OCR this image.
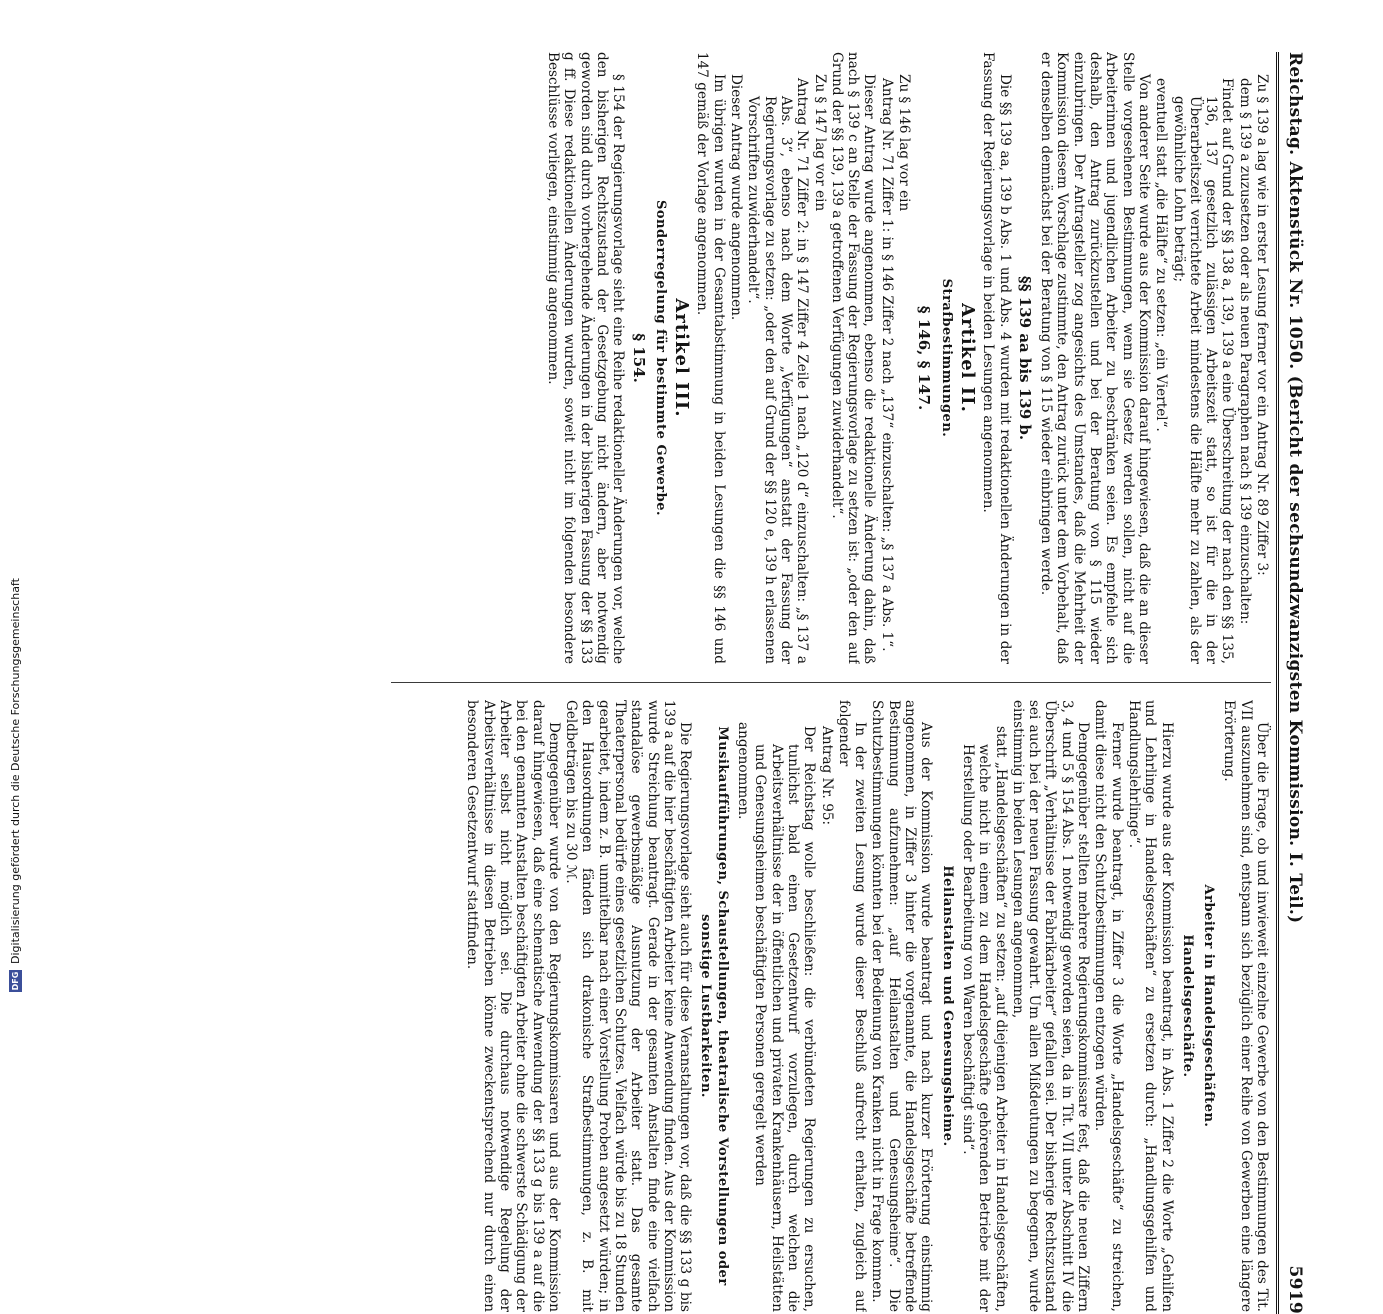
Reichstag. Aktenstück Nr. 1050. (Bericht der sechsundzwanzigsten Kommission. I. Teil.)
5919

Zu § 139 a lag wie in erster Lesung ferner vor ein Antrag Nr. 89 Ziffer 3:

dem § 139 a zuzusetzen oder als neuen Paragraphen nach § 139 einzuschalten:

Findet auf Grund der §§ 138 a, 139, 139 a eine Überschreitung der nach den §§ 135, 136, 137 gesetzlich zulässigen Arbeitszeit statt, so ist für die in der Überarbeitszeit verrichtete Arbeit mindestens die Hälfte mehr zu zahlen, als der gewöhnliche Lohn beträgt;

eventuell statt „die Hälfte“ zu setzen: „ein Viertel“.

Von anderer Seite wurde aus der Kommission darauf hingewiesen, daß die an dieser Stelle vorgesehenen Bestimmungen, wenn sie Gesetz werden sollen, nicht auf die Arbeiterinnen und jugendlichen Arbeiter zu beschränken seien. Es empfehle sich deshalb, den Antrag zurückzustellen und bei der Beratung von § 115 wieder einzubringen. Der Antragsteller zog angesichts des Umstandes, daß die Mehrheit der Kommission diesem Vorschlage zustimmte, den Antrag zurück unter dem Vorbehalt, daß er denselben demnächst bei der Beratung von § 115 wieder einbringen werde.

§§ 139 aa bis 139 b.

Die §§ 139 aa, 139 b Abs. 1 und Abs. 4 wurden mit redaktionellen Änderungen in der Fassung der Regierungsvorlage in beiden Lesungen angenommen.

Artikel II.

Strafbestimmungen.

§ 146, § 147.

Zu § 146 lag vor ein

Antrag Nr. 71 Ziffer 1: in § 146 Ziffer 2 nach „137“ einzuschalten: „§ 137 a Abs. 1“.

Dieser Antrag wurde angenommen, ebenso die redaktionelle Änderung dahin, daß nach § 139 c an Stelle der Fassung der Regierungsvorlage zu setzen ist: „oder den auf Grund der §§ 139, 139 a getroffenen Verfügungen zuwiderhandelt“.

Zu § 147 lag vor ein

Antrag Nr. 71 Ziffer 2: in § 147 Ziffer 4 Zeile 1 nach „120 d“ einzuschalten: „§ 137 a Abs. 3“, ebenso nach dem Worte „Verfügungen“ anstatt der Fassung der Regierungsvorlage zu setzen: „oder den auf Grund der §§ 120 e, 139 h erlassenen Vorschriften zuwiderhandelt“.

Dieser Antrag wurde angenommen.

Im übrigen wurden in der Gesamtabstimmung in beiden Lesungen die §§ 146 und 147 gemäß der Vorlage angenommen.

Artikel III.

Sonderregelung für bestimmte Gewerbe.

§ 154.

§ 154 der Regierungsvorlage sieht eine Reihe redaktioneller Änderungen vor, welche den bisherigen Rechtszustand der Gesetzgebung nicht ändern, aber notwendig geworden sind durch vorhergehende Änderungen in der bisherigen Fassung der §§ 133 g ff. Diese redaktionellen Änderungen wurden, soweit nicht im folgenden besondere Beschlüsse vorliegen, einstimmig angenommen.

Über die Frage, ob und inwieweit einzelne Gewerbe von den Bestimmungen des Tit. VII auszunehmen sind, entspann sich bezüglich einer Reihe von Gewerben eine längere Erörterung.

Arbeiter in Handelsgeschäften.

Handelsgeschäfte.

Hierzu wurde aus der Kommission beantragt, in Abs. 1 Ziffer 2 die Worte „Gehilfen und Lehrlinge in Handelsgeschäften“ zu ersetzen durch: „Handlungsgehilfen und Handlungslehrlinge“.

Ferner wurde beantragt, in Ziffer 3 die Worte „Handelsgeschäfte“ zu streichen, damit diese nicht den Schutzbestimmungen entzogen würden.

Demgegenüber stellten mehrere Regierungskommissare fest, daß die neuen Ziffern 3, 4 und 5 § 154 Abs. 1 notwendig geworden seien, da in Tit. VII unter Abschnitt IV die Überschrift „Verhältnisse der Fabrikarbeiter“ gefallen sei. Der bisherige Rechtszustand sei auch bei der neuen Fassung gewahrt. Um allen Mißdeutungen zu begegnen, wurde einstimmig in beiden Lesungen angenommen,

statt „Handelsgeschäften“ zu setzen: „auf diejenigen Arbeiter in Handelsgeschäften, welche nicht in einem zu dem Handelsgeschäfte gehörenden Betriebe mit der Herstellung oder Bearbeitung von Waren beschäftigt sind“.

Heilanstalten und Genesungsheime.

Aus der Kommission wurde beantragt und nach kurzer Erörterung einstimmig angenommen, in Ziffer 3 hinter die vorgenannte, die Handelsgeschäfte betreffende Bestimmung aufzunehmen: „auf Heilanstalten und Genesungsheime“. Die Schutzbestimmungen könnten bei der Bedienung von Kranken nicht in Frage kommen.

In der zweiten Lesung wurde dieser Beschluß aufrecht erhalten, zugleich auf folgender

Antrag Nr. 95:

Der Reichstag wolle beschließen: die verbündeten Regierungen zu ersuchen, tunlichst bald einen Gesetzentwurf vorzulegen, durch welchen die Arbeitsverhältnisse der in öffentlichen und privaten Krankenhäusern, Heilstätten und Genesungsheimen beschäftigten Personen geregelt werden

angenommen.

Musikaufführungen, Schaustellungen, theatralische Vorstellungen oder sonstige Lustbarkeiten.

Die Regierungsvorlage sieht auch für diese Veranstaltungen vor, daß die §§ 133 g bis 139 a auf die hier beschäftigten Arbeiter keine Anwendung finden. Aus der Kommission wurde Streichung beantragt. Gerade in der gesamten Anstalten finde eine vielfach standalöse gewerbsmäßige Ausnutzung der Arbeiter statt. Das gesamte Theaterpersonal bedürfe eines gesetzlichen Schutzes. Vielfach würde bis zu 18 Stunden gearbeitet, indem z. B. unmittelbar nach einer Vorstellung Proben angesetzt würden; in den Hausordnungen fänden sich drakonische Strafbestimmungen, z. B. mit Geldbeträgen bis zu 30 ℳ.

Demgegenüber wurde von den Regierungskommissaren und aus der Kommission darauf hingewiesen, daß eine schematische Anwendung der §§ 133 g bis 139 a auf die bei den genannten Anstalten beschäftigten Arbeiter ohne die schwerste Schädigung der Arbeiter selbst nicht möglich sei. Die durchaus notwendige Regelung der Arbeitsverhältnisse in diesen Betrieben könne zweckentsprechend nur durch einen besonderen Gesetzentwurf stattfinden.

DFG
Digitalisierung gefördert durch die Deutsche Forschungsgemeinschaft
